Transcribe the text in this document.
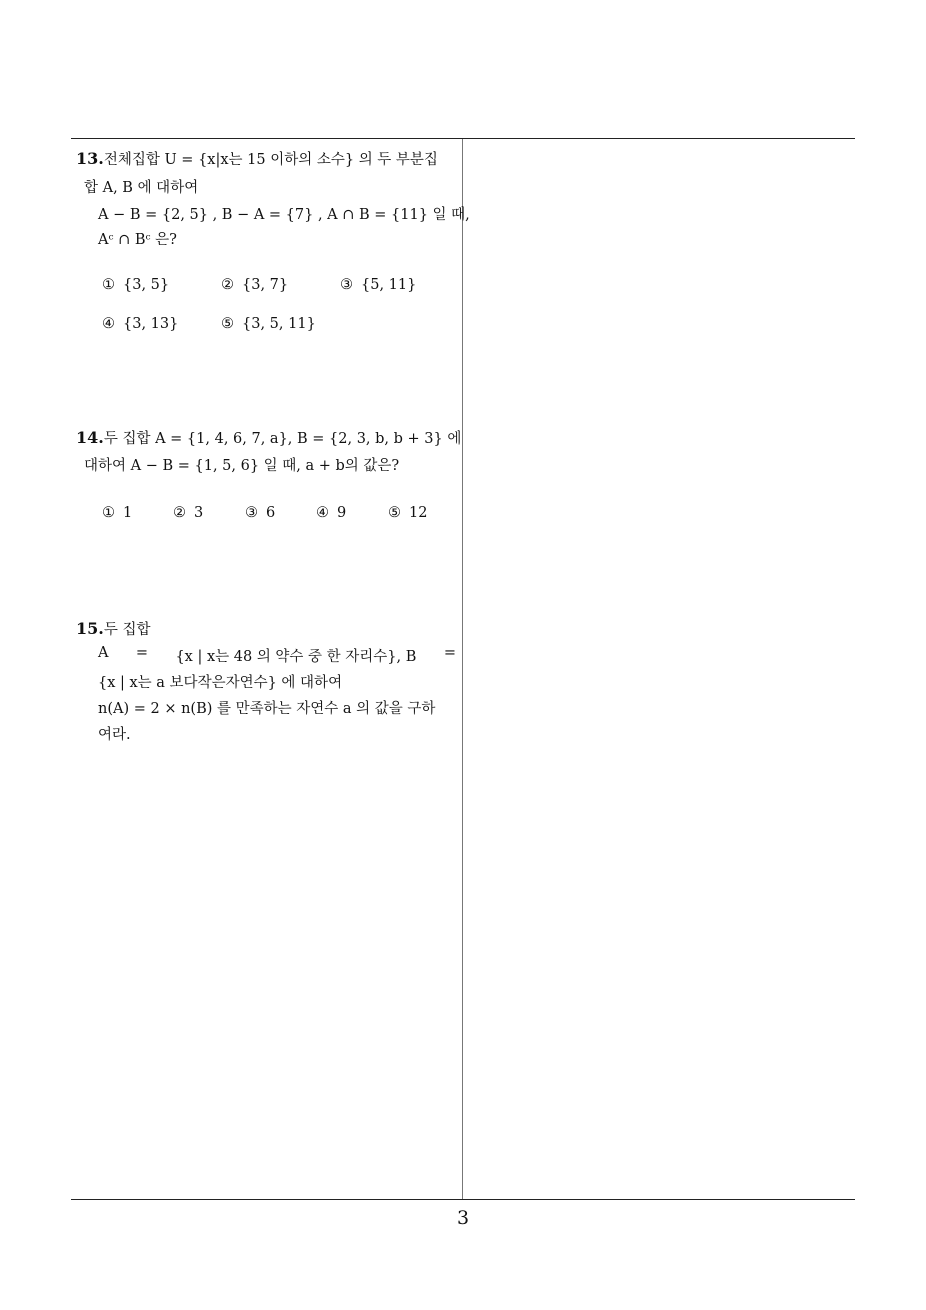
13.전체집합 U = {x|x는 15 이하의 소수} 의 두 부분집
합 A, B 에 대하여
A − B = {2, 5} , B − A = {7} , A ∩ B = {11} 일 때,
Aᶜ ∩ Bᶜ 은?
① {3, 5}	② {3, 7}	③ {5, 11}
④ {3, 13}	⑤ {3, 5, 11}
14.두 집합 A = {1, 4, 6, 7, a}, B = {2, 3, b, b + 3} 에
대하여 A − B = {1, 5, 6} 일 때, a + b의 값은?
① 1	② 3	③ 6	④ 9	⑤ 12
15.두 집합
A = {x | x는 48 의 약수 중 한 자리수}, B =
{x | x는 a 보다작은자연수} 에 대하여
n(A) = 2 × n(B) 를 만족하는 자연수 a 의 값을 구하
여라.
3
